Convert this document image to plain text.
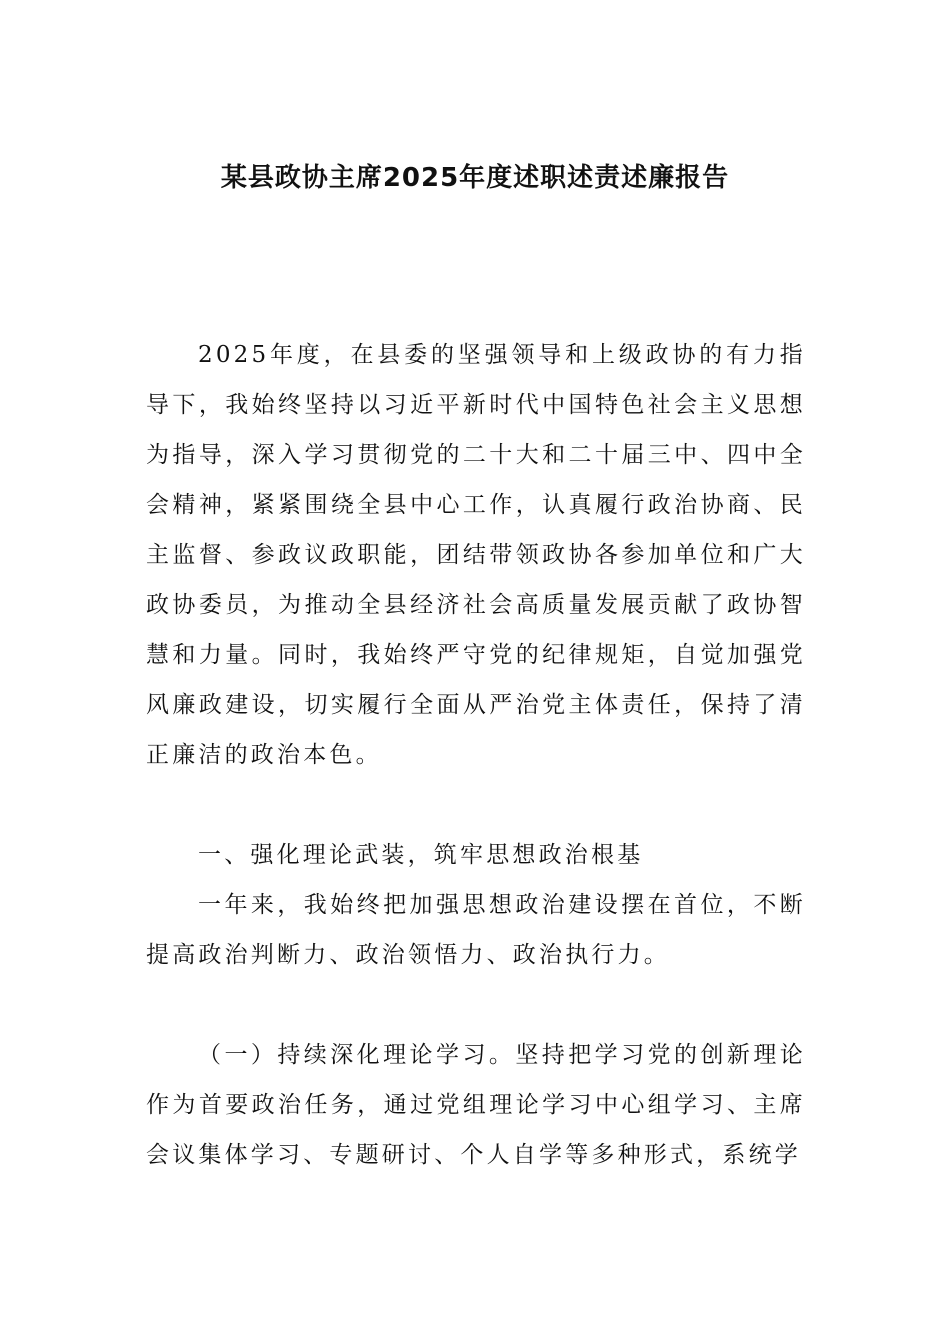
某县政协主席2025年度述职述责述廉报告

2025年度，在县委的坚强领导和上级政协的有力指导下，我始终坚持以习近平新时代中国特色社会主义思想为指导，深入学习贯彻党的二十大和二十届三中、四中全会精神，紧紧围绕全县中心工作，认真履行政治协商、民主监督、参政议政职能，团结带领政协各参加单位和广大政协委员，为推动全县经济社会高质量发展贡献了政协智慧和力量。同时，我始终严守党的纪律规矩，自觉加强党风廉政建设，切实履行全面从严治党主体责任，保持了清正廉洁的政治本色。

一、强化理论武装，筑牢思想政治根基

一年来，我始终把加强思想政治建设摆在首位，不断提高政治判断力、政治领悟力、政治执行力。

（一）持续深化理论学习。坚持把学习党的创新理论作为首要政治任务，通过党组理论学习中心组学习、主席会议集体学习、专题研讨、个人自学等多种形式，系统学
